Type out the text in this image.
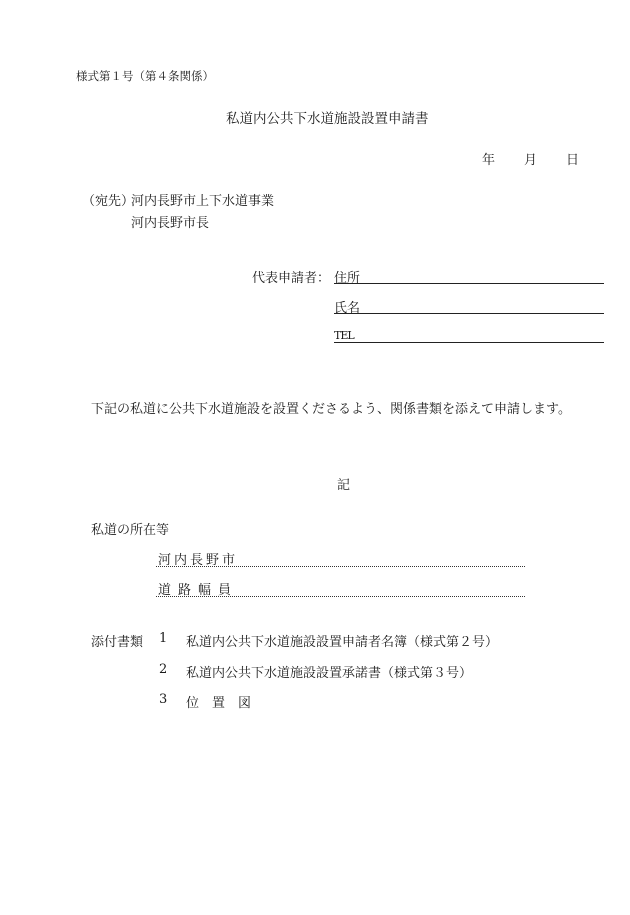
様式第１号（第４条関係）
私道内公共下水道施設設置申請書
年 月 日
（宛先）
河内長野市上下水道事業
河内長野市長
代表申請者： 住所
氏名
TEL
下記の私道に公共下水道施設を設置くださるよう、関係書類を添えて申請します。
記
私道の所在等
河内長野市
道路幅員
添付書類 1 私道内公共下水道施設設置申請者名簿（様式第２号）
2 私道内公共下水道施設設置承諾書（様式第３号）
3 位　置　図
